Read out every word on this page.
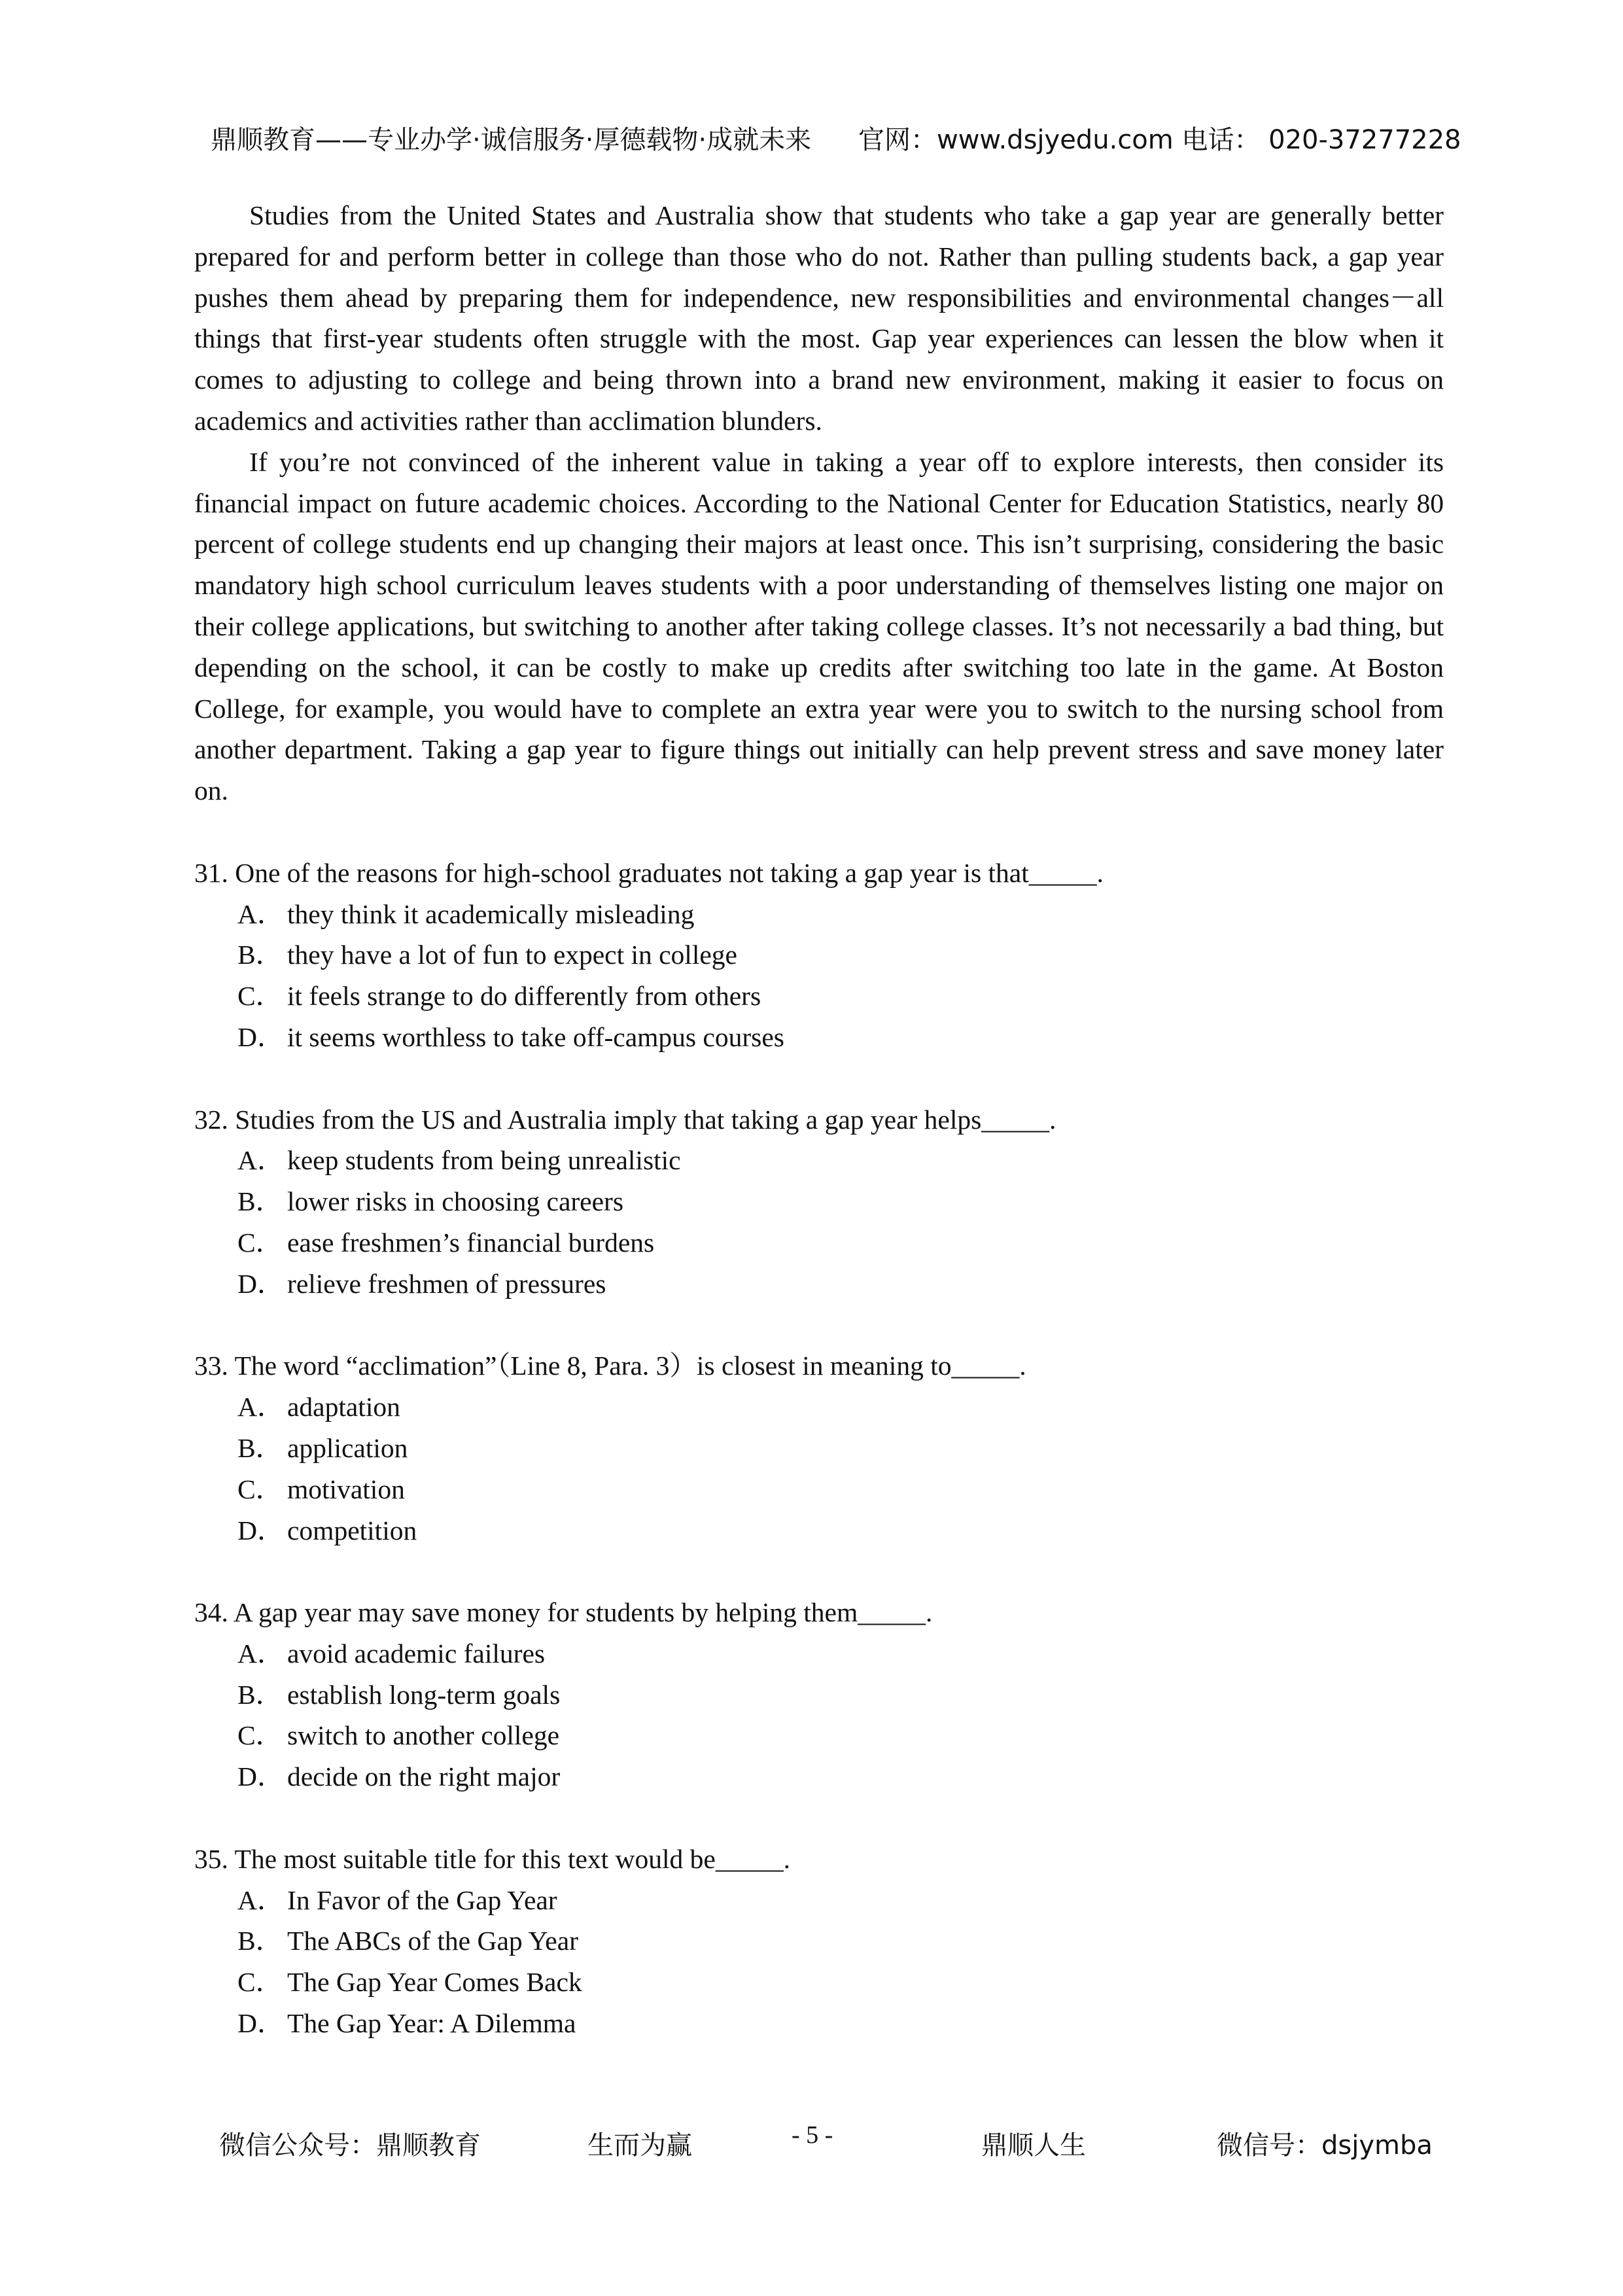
鼎顺教育——专业办学·诚信服务·厚德载物·成就未来 官网：www.dsjyedu.com 电话： 020-37277228

Studies from the United States and Australia show that students who take a gap year are generally better prepared for and perform better in college than those who do not. Rather than pulling students back, a gap year pushes them ahead by preparing them for independence, new responsibilities and environmental changes－all things that first-year students often struggle with the most. Gap year experiences can lessen the blow when it comes to adjusting to college and being thrown into a brand new environment, making it easier to focus on academics and activities rather than acclimation blunders.

If you’re not convinced of the inherent value in taking a year off to explore interests, then consider its financial impact on future academic choices. According to the National Center for Education Statistics, nearly 80 percent of college students end up changing their majors at least once. This isn’t surprising, considering the basic mandatory high school curriculum leaves students with a poor understanding of themselves listing one major on their college applications, but switching to another after taking college classes. It’s not necessarily a bad thing, but depending on the school, it can be costly to make up credits after switching too late in the game. At Boston College, for example, you would have to complete an extra year were you to switch to the nursing school from another department. Taking a gap year to figure things out initially can help prevent stress and save money later on.

31. One of the reasons for high-school graduates not taking a gap year is that_____.

A． they think it academically misleading

B． they have a lot of fun to expect in college

C． it feels strange to do differently from others

D． it seems worthless to take off-campus courses

32. Studies from the US and Australia imply that taking a gap year helps_____.

A． keep students from being unrealistic

B． lower risks in choosing careers

C． ease freshmen’s financial burdens

D． relieve freshmen of pressures

33. The word “acclimation”（Line 8, Para. 3）is closest in meaning to_____.

A． adaptation

B． application

C． motivation

D． competition

34. A gap year may save money for students by helping them_____.

A． avoid academic failures

B． establish long-term goals

C． switch to another college

D． decide on the right major

35. The most suitable title for this text would be_____.

A． In Favor of the Gap Year

B． The ABCs of the Gap Year

C． The Gap Year Comes Back

D． The Gap Year: A Dilemma

微信公众号：鼎顺教育	生而为赢	- 5 -	鼎顺人生	微信号：dsjymba
